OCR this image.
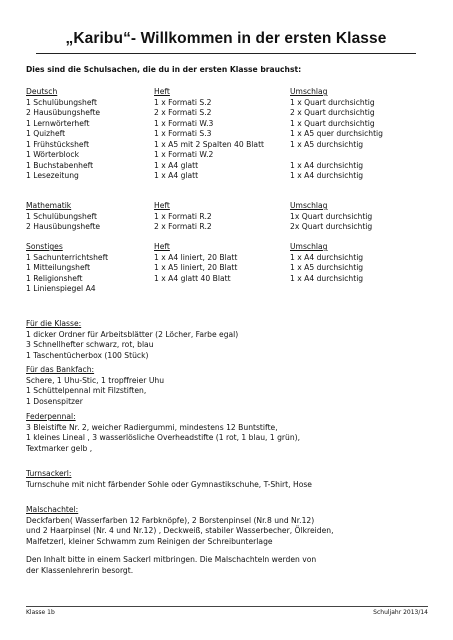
„Karibu“- Willkommen in der ersten Klasse
Dies sind die Schulsachen, die du in der ersten Klasse brauchst:
Deutsch	Heft	Umschlag
1 Schulübungsheft	1 x Formati S.2	1 x Quart durchsichtig
2 Hausübungshefte	2 x Formati S.2	2 x Quart durchsichtig
1 Lernwörterheft	1 x Formati W.3	1 x Quart durchsichtig
1 Quizheft	1 x Formati S.3	1 x A5 quer durchsichtig
1 Frühstücksheft	1 x A5 mit 2 Spalten 40 Blatt	1 x A5 durchsichtig
1 Wörterblock	1 x Formati W.2
1 Buchstabenheft	1 x A4 glatt	1 x A4 durchsichtig
1 Lesezeitung	1 x A4 glatt	1 x A4 durchsichtig
Mathematik	Heft	Umschlag
1 Schulübungsheft	1 x Formati R.2	1x Quart durchsichtig
2 Hausübungshefte	2 x Formati R.2	2x Quart durchsichtig
Sonstiges	Heft	Umschlag
1 Sachunterrichtsheft	1 x A4 liniert, 20 Blatt	1 x A4 durchsichtig
1 Mitteilungsheft	1 x A5 liniert, 20 Blatt	1 x A5 durchsichtig
1 Religionsheft	1 x A4 glatt 40 Blatt	1 x A4 durchsichtig
1 Linienspiegel A4

Für die Klasse:

1 dicker Ordner für Arbeitsblätter (2 Löcher, Farbe egal)

3 Schnellhefter schwarz, rot, blau

1 Taschentücherbox (100 Stück)

Für das Bankfach:

Schere, 1 Uhu-Stic, 1 tropffreier Uhu

1 Schüttelpennal mit Filzstiften,

1 Dosenspitzer

Federpennal:

3 Bleistifte Nr. 2, weicher Radiergummi, mindestens 12 Buntstifte,

1 kleines Lineal , 3 wasserlösliche Overheadstifte (1 rot, 1 blau, 1 grün),

Textmarker gelb ,

Turnsackerl:

Turnschuhe mit nicht färbender Sohle oder Gymnastikschuhe, T-Shirt, Hose

Malschachtel:

Deckfarben( Wasserfarben 12 Farbknöpfe), 2 Borstenpinsel (Nr.8 und Nr.12)

und 2 Haarpinsel (Nr. 4 und Nr.12) , Deckweiß, stabiler Wasserbecher, Ölkreiden,

Malfetzerl, kleiner Schwamm zum Reinigen der Schreibunterlage

Den Inhalt bitte in einem Sackerl mitbringen. Die Malschachteln werden von

der Klassenlehrerin besorgt.

Klasse 1b	Schuljahr 2013/14
